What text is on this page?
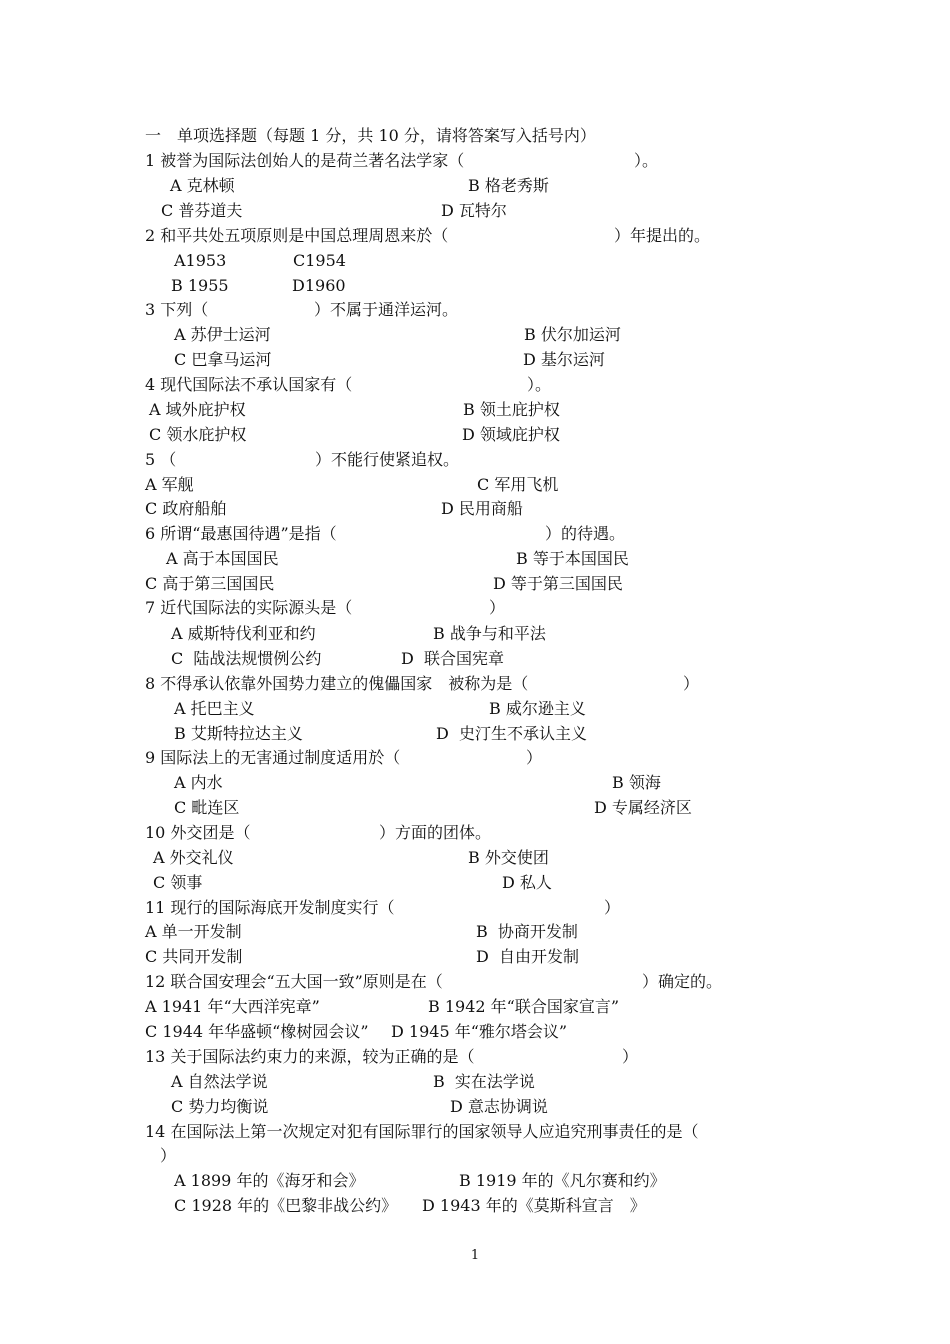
一　单项选择题（每题 1 分，共 10 分，请将答案写入括号内）
1 被誉为国际法创始人的是荷兰著名法学家（	）。
A 克林顿	B 格老秀斯
C 普芬道夫	D 瓦特尔
2 和平共处五项原则是中国总理周恩来於（	）年提出的。
A1953	C1954
B 1955	D1960
3 下列（	）不属于通洋运河。
A 苏伊士运河	B 伏尔加运河
C 巴拿马运河	D 基尔运河
4 现代国际法不承认国家有（	）。
A 域外庇护权	B 领土庇护权
C 领水庇护权	D 领域庇护权
5 （	）不能行使紧追权。
A 军舰	C 军用飞机
C 政府船舶	D 民用商船
6 所谓“最惠国待遇”是指（	）的待遇。
A 高于本国国民	B 等于本国国民
C 高于第三国国民	D 等于第三国国民
7 近代国际法的实际源头是（	）
A 威斯特伐利亚和约	B 战争与和平法
C  陆战法规惯例公约	D  联合国宪章
8 不得承认依靠外国势力建立的傀儡国家　被称为是（	）
A 托巴主义	B 威尔逊主义
B 艾斯特拉达主义	D  史汀生不承认主义
9 国际法上的无害通过制度适用於（	）
A 内水	B 领海
C 毗连区	D 专属经济区
10 外交团是（	）方面的团体。
A 外交礼仪	B 外交使团
C 领事	D 私人
11 现行的国际海底开发制度实行（	）
A 单一开发制	B  协商开发制
C 共同开发制	D  自由开发制
12 联合国安理会“五大国一致”原则是在（	）确定的。
A 1941 年“大西洋宪章”	B 1942 年“联合国家宣言”
C 1944 年华盛顿“橡树园会议” D 1945 年“雅尔塔会议”
13 关于国际法约束力的来源，较为正确的是（	）
A 自然法学说	B  实在法学说
C 势力均衡说	D 意志协调说
14 在国际法上第一次规定对犯有国际罪行的国家领导人应追究刑事责任的是（
）
A 1899 年的《海牙和会》	B 1919 年的《凡尔赛和约》
C 1928 年的《巴黎非战公约》 D 1943 年的《莫斯科宣言　》
1
